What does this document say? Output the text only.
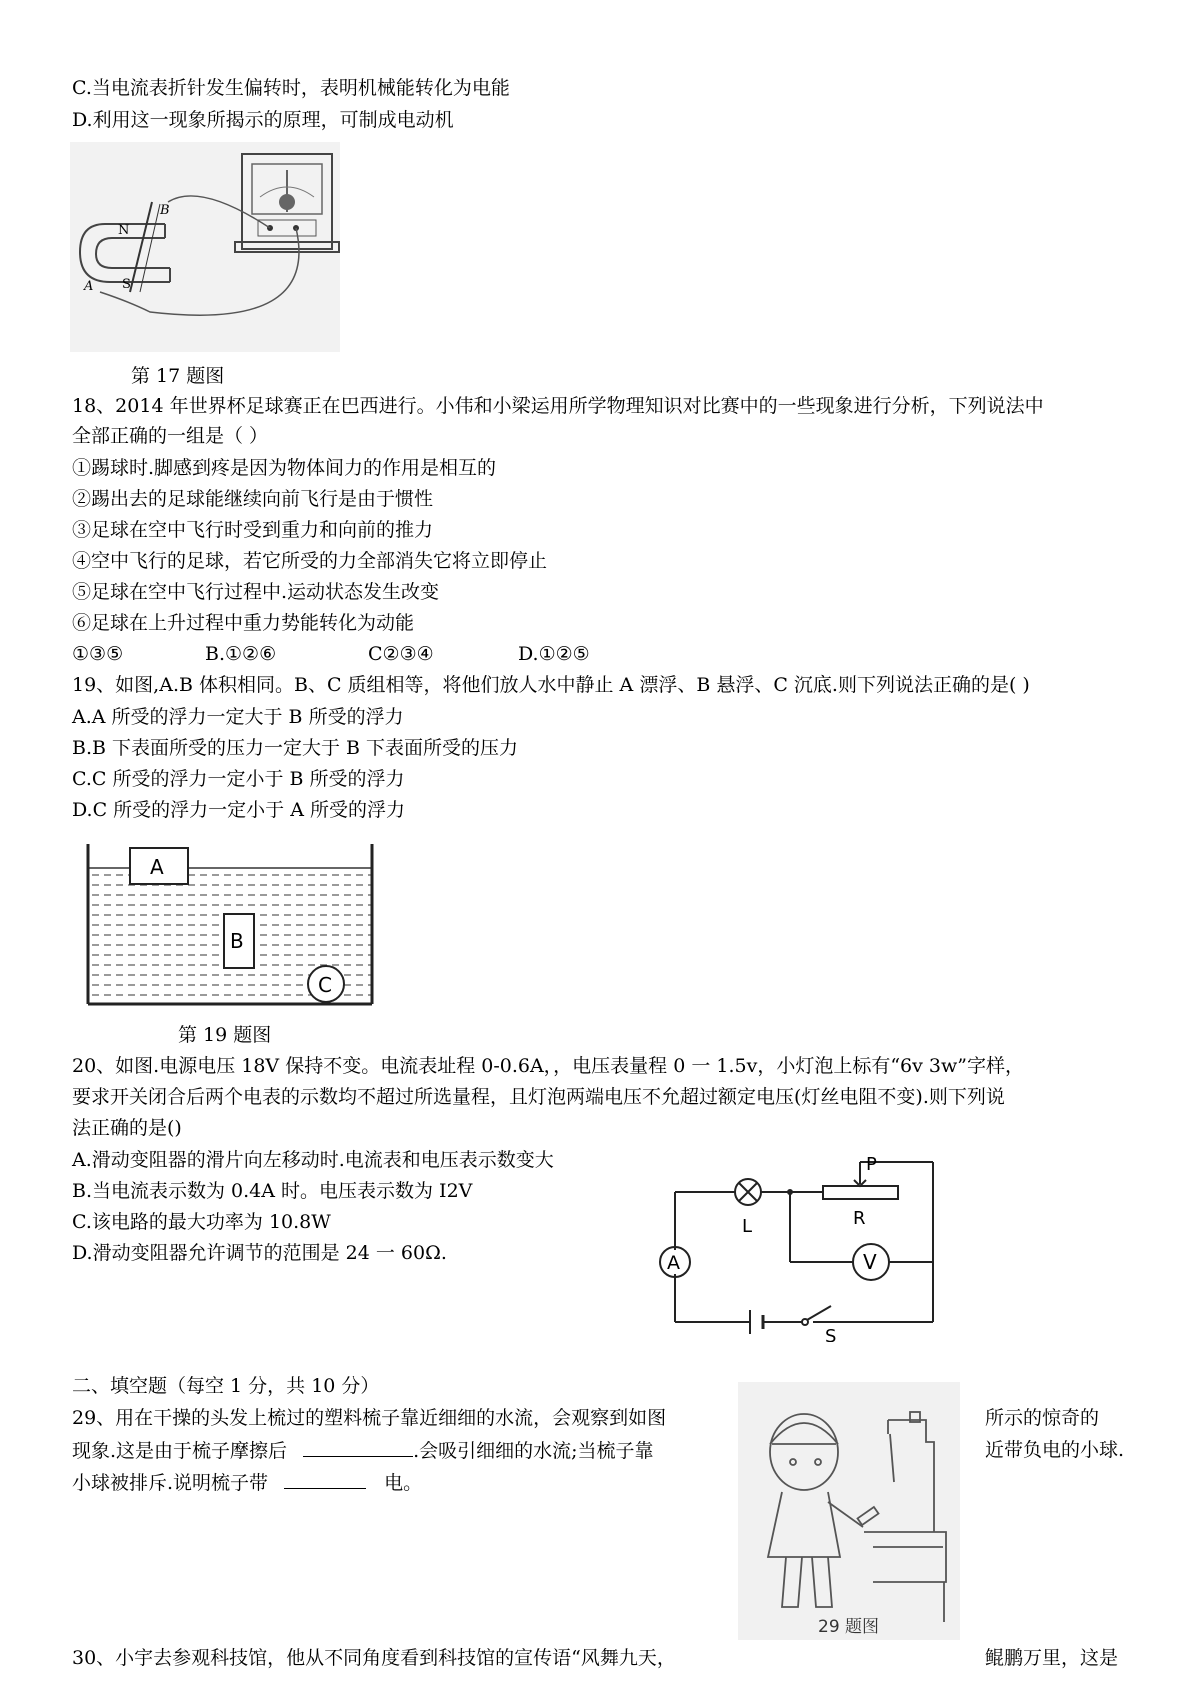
C.当电流表折针发生偏转时，表明机械能转化为电能
D.利用这一现象所揭示的原理，可制成电动机
N
B
A S
第 17 题图
18、2014 年世界杯足球赛正在巴西进行。小伟和小梁运用所学物理知识对比赛中的一些现象进行分析，下列说法中
全部正确的一组是（ ）
①踢球时.脚感到疼是因为物体间力的作用是相互的
②踢出去的足球能继续向前飞行是由于惯性
③足球在空中飞行时受到重力和向前的推力
④空中飞行的足球，若它所受的力全部消失它将立即停止
⑤足球在空中飞行过程中.运动状态发生改变
⑥足球在上升过程中重力势能转化为动能
①③⑤	B.①②⑥	C②③④	D.①②⑤
19、如图,A.B 体积相同。B、C 质组相等，将他们放人水中静止 A 漂浮、B 悬浮、C 沉底.则下列说法正确的是( )
A.A 所受的浮力一定大于 B 所受的浮力
B.B 下表面所受的压力一定大于 B 下表面所受的压力
C.C 所受的浮力一定小于 B 所受的浮力
D.C 所受的浮力一定小于 A 所受的浮力
A
B
C
第 19 题图
20、如图.电源电压 18V 保持不变。电流表址程 0-0.6A，，电压表量程 0 一 1.5v，小灯泡上标有“6v 3w”字样，
要求开关闭合后两个电表的示数均不超过所选量程，且灯泡两端电压不允超过额定电压(灯丝电阻不变).则下列说
法正确的是()
A.滑动变阻器的滑片向左移动时.电流表和电压表示数变大
B.当电流表示数为 0.4A 时。电压表示数为 I2V
C.该电路的最大功率为 10.8W
D.滑动变阻器允许调节的范围是 24 一 60Ω.
P
R
L
V
A
S
二、填空题（每空 1 分，共 10 分）
29、用在干操的头发上梳过的塑料梳子靠近细细的水流，会观察到如图	所示的惊奇的
现象.这是由于梳子摩擦后	.会吸引细细的水流;当梳子靠	近带负电的小球.
小球被排斥.说明梳子带	电。
29 题图
30、小宇去参观科技馆，他从不同角度看到科技馆的宣传语“风舞九天，	鲲鹏万里，这是
